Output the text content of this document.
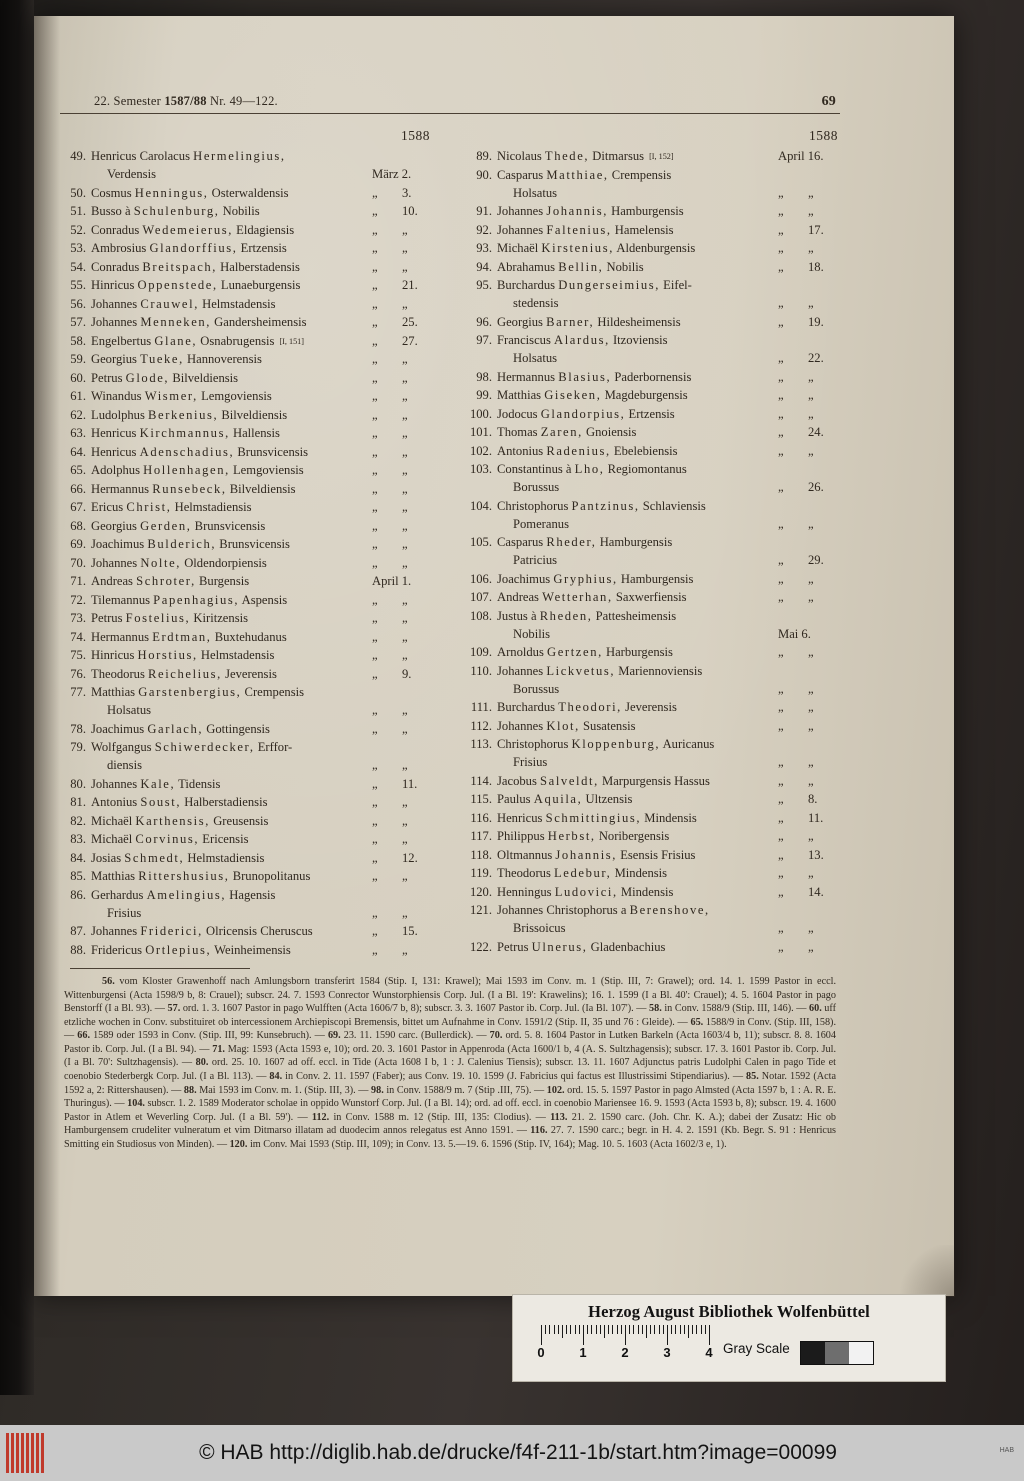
22. Semester 1587/88 Nr. 49—122.	69
1588
49. Henricus Carolacus Hermelingius,
Verdensis	März 2.
50. Cosmus Henningus, Osterwaldensis	„ 3.
51. Busso à Schulenburg, Nobilis	„ 10.
52. Conradus Wedemeierus, Eldagiensis	„ „
53. Ambrosius Glandorffius, Ertzensis	„ „
54. Conradus Breitspach, Halberstadensis	„ „
55. Hinricus Oppenstede, Lunaeburgensis	„ 21.
56. Johannes Crauwel, Helmstadensis	„ „
57. Johannes Menneken, Gandersheimensis	„ 25.
58. Engelbertus Glane, Osnabrugensis [I, 151]	„ 27.
59. Georgius Tueke, Hannoverensis	„ „
60. Petrus Glode, Bilveldiensis	„ „
61. Winandus Wismer, Lemgoviensis	„ „
62. Ludolphus Berkenius, Bilveldiensis	„ „
63. Henricus Kirchmannus, Hallensis	„ „
64. Henricus Adenschadius, Brunsvicensis	„ „
65. Adolphus Hollenhagen, Lemgoviensis	„ „
66. Hermannus Runsebeck, Bilveldiensis	„ „
67. Ericus Christ, Helmstadiensis	„ „
68. Georgius Gerden, Brunsvicensis	„ „
69. Joachimus Bulderich, Brunsvicensis	„ „
70. Johannes Nolte, Oldendorpiensis	„ „
71. Andreas Schroter, Burgensis	April 1.
72. Tilemannus Papenhagius, Aspensis	„ „
73. Petrus Fostelius, Kiritzensis	„ „
74. Hermannus Erdtman, Buxtehudanus	„ „
75. Hinricus Horstius, Helmstadensis	„ „
76. Theodorus Reichelius, Jeverensis	„ 9.
77. Matthias Garstenbergius, Crempensis
Holsatus	„ „
78. Joachimus Garlach, Gottingensis	„ „
79. Wolfgangus Schiwerdecker, Erffor-
diensis	„ „
80. Johannes Kale, Tidensis	„ 11.
81. Antonius Soust, Halberstadiensis	„ „
82. Michaël Karthensis, Greusensis	„ „
83. Michaël Corvinus, Ericensis	„ „
84. Josias Schmedt, Helmstadiensis	„ 12.
85. Matthias Rittershusius, Brunopolitanus	„ „
86. Gerhardus Amelingius, Hagensis
Frisius	„ „
87. Johannes Friderici, Olricensis Cheruscus	„ 15.
88. Fridericus Ortlepius, Weinheimensis	„ „
1588
89. Nicolaus Thede, Ditmarsus [I, 152]	April 16.
90. Casparus Matthiae, Crempensis
Holsatus	„ „
91. Johannes Johannis, Hamburgensis	„ „
92. Johannes Faltenius, Hamelensis	„ 17.
93. Michaël Kirstenius, Aldenburgensis	„ „
94. Abrahamus Bellin, Nobilis	„ 18.
95. Burchardus Dungerseimius, Eifel-
stedensis	„ „
96. Georgius Barner, Hildesheimensis	„ 19.
97. Franciscus Alardus, Itzoviensis
Holsatus	„ 22.
98. Hermannus Blasius, Paderbornensis	„ „
99. Matthias Giseken, Magdeburgensis	„ „
100. Jodocus Glandorpius, Ertzensis	„ „
101. Thomas Zaren, Gnoiensis	„ 24.
102. Antonius Radenius, Ebelebiensis	„ „
103. Constantinus à Lho, Regiomontanus
Borussus	„ 26.
104. Christophorus Pantzinus, Schlaviensis
Pomeranus	„ „
105. Casparus Rheder, Hamburgensis
Patricius	„ 29.
106. Joachimus Gryphius, Hamburgensis	„ „
107. Andreas Wetterhan, Saxwerfiensis	„ „
108. Justus à Rheden, Pattesheimensis
Nobilis	Mai 6.
109. Arnoldus Gertzen, Harburgensis	„ „
110. Johannes Lickvetus, Mariennoviensis
Borussus	„ „
111. Burchardus Theodori, Jeverensis	„ „
112. Johannes Klot, Susatensis	„ „
113. Christophorus Kloppenburg, Auricanus
Frisius	„ „
114. Jacobus Salveldt, Marpurgensis Hassus	„ „
115. Paulus Aquila, Ultzensis	„ 8.
116. Henricus Schmittingius, Mindensis	„ 11.
117. Philippus Herbst, Noribergensis	„ „
118. Oltmannus Johannis, Esensis Frisius	„ 13.
119. Theodorus Ledebur, Mindensis	„ „
120. Henningus Ludovici, Mindensis	„ 14.
121. Johannes Christophorus a Berenshove,
Brissoicus	„ „
122. Petrus Ulnerus, Gladenbachius	„ „
56. vom Kloster Grawenhoff nach Amlungsborn transferirt 1584 (Stip. I, 131: Krawel); Mai 1593 im Conv. m. 1 (Stip. III, 7: Grawel); ord. 14. 1. 1599 Pastor in eccl. Wittenburgensi (Acta 1598/9 b, 8: Crauel); subscr. 24. 7. 1593 Conrector Wunstorphiensis Corp. Jul. (I a Bl. 19': Krawelins); 16. 1. 1599 (I a Bl. 40': Crauel); 4. 5. 1604 Pastor in pago Benstorff (I a Bl. 93). — 57. ord. 1. 3. 1607 Pastor in pago Wulfften (Acta 1606/7 b, 8); subscr. 3. 3. 1607 Pastor ib. Corp. Jul. (Ia Bl. 107'). — 58. in Conv. 1588/9 (Stip. III, 146). — 60. uff etzliche wochen in Conv. substituiret ob intercessionem Archiepiscopi Bremensis, bittet um Aufnahme in Conv. 1591/2 (Stip. II, 35 und 76 : Gleide). — 65. 1588/9 in Conv. (Stip. III, 158). — 66. 1589 oder 1593 in Conv. (Stip. III, 99: Kunsebruch). — 69. 23. 11. 1590 carc. (Bullerdick). — 70. ord. 5. 8. 1604 Pastor in Lutken Barkeln (Acta 1603/4 b, 11); subscr. 8. 8. 1604 Pastor ib. Corp. Jul. (I a Bl. 94). — 71. Mag: 1593 (Acta 1593 e, 10); ord. 20. 3. 1601 Pastor in Appenroda (Acta 1600/1 b, 4 (A. S. Sultzhagensis); subscr. 17. 3. 1601 Pastor ib. Corp. Jul. (I a Bl. 70': Sultzhagensis). — 80. ord. 25. 10. 1607 ad off. eccl. in Tide (Acta 1608 I b, 1 : J. Calenius Tiensis); subscr. 13. 11. 1607 Adjunctus patris Ludolphi Calen in pago Tide et coenobio Stederbergk Corp. Jul. (I a Bl. 113). — 84. in Conv. 2. 11. 1597 (Faber); aus Conv. 19. 10. 1599 (J. Fabricius qui factus est Illustrissimi Stipendiarius). — 85. Notar. 1592 (Acta 1592 a, 2: Rittershausen). — 88. Mai 1593 im Conv. m. 1. (Stip. III, 3). — 98. in Conv. 1588/9 m. 7 (Stip .III, 75). — 102. ord. 15. 5. 1597 Pastor in pago Almsted (Acta 1597 b, 1 : A. R. E. Thuringus). — 104. subscr. 1. 2. 1589 Moderator scholae in oppido Wunstorf Corp. Jul. (I a Bl. 14); ord. ad off. eccl. in coenobio Mariensee 16. 9. 1593 (Acta 1593 b, 8); subscr. 19. 4. 1600 Pastor in Atlem et Weverling Corp. Jul. (I a Bl. 59'). — 112. in Conv. 1588 m. 12 (Stip. III, 135: Clodius). — 113. 21. 2. 1590 carc. (Joh. Chr. K. A.); dabei der Zusatz: Hic ob Hamburgensem crudeliter vulneratum et vim Ditmarso illatam ad duodecim annos relegatus est Anno 1591. — 116. 27. 7. 1590 carc.; begr. in H. 4. 2. 1591 (Kb. Begr. S. 91 : Henricus Smitting ein Studiosus von Minden). — 120. im Conv. Mai 1593 (Stip. III, 109); in Conv. 13. 5.—19. 6. 1596 (Stip. IV, 164); Mag. 10. 5. 1603 (Acta 1602/3 e, 1).
Herzog August Bibliothek Wolfenbüttel
0	1	2	3	4 Gray Scale
© HAB http://diglib.hab.de/drucke/f4f-211-1b/start.htm?image=00099	HAB
